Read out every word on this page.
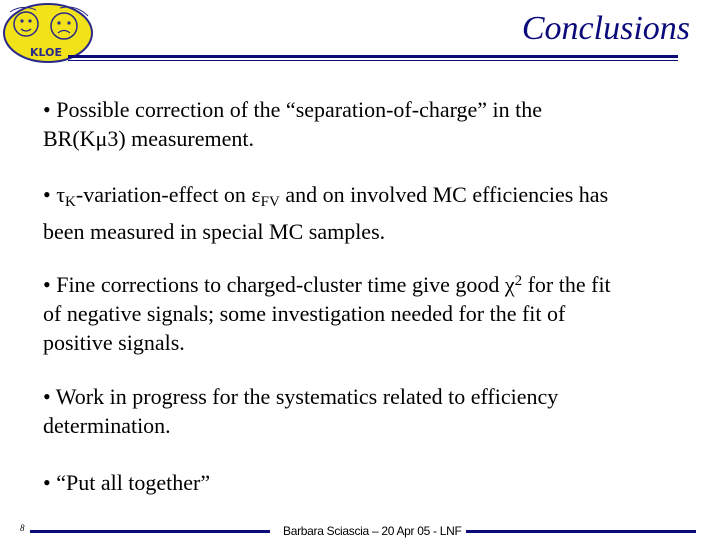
KLOE
Conclusions
• Possible correction of the “separation-of-charge” in the
BR(Kμ3) measurement.
• $\tau_K-variation$-effect on $\varepsilon_{FV}$ and on involved MC efficiencies has
been measured in special MC samples.
• Fine corrections to charged-cluster time give good $\chi^2$ for the fit
of negative signals; some investigation needed for the fit of
positive signals.
• Work in progress for the systematics related to efficiency
determination.
• “Put all together”
8	Barbara Sciascia – 20 Apr 05 - LNF
